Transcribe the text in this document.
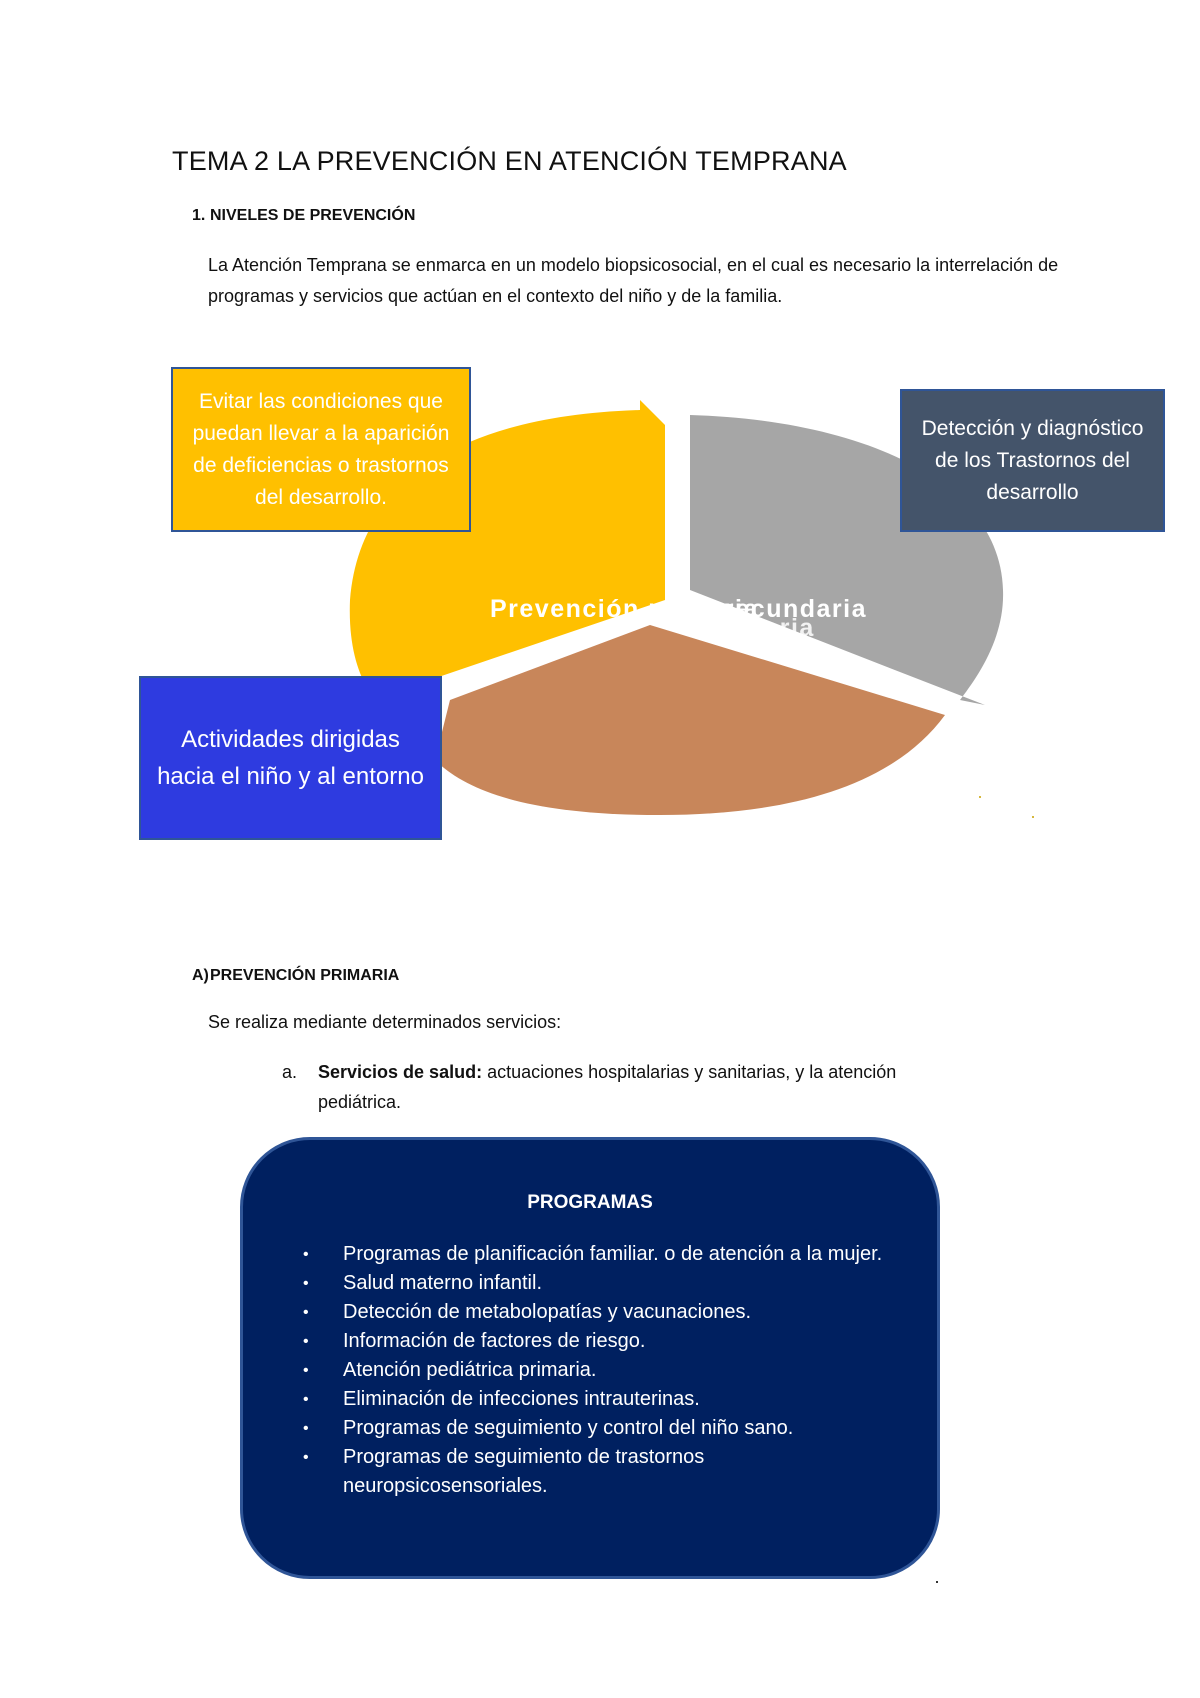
TEMA 2 LA PREVENCIÓN EN ATENCIÓN TEMPRANA
1. NIVELES DE PREVENCIÓN
La Atención Temprana se enmarca en un modelo biopsicosocial, en el cual es necesario la interrelación de programas y servicios que actúan en el contexto del niño y de la familia.
secundaria
terciaria
Prevención primaria
Evitar las condiciones que puedan llevar a la aparición de deficiencias o trastornos del desarrollo.
Detección y diagnóstico de los Trastornos del desarrollo
Actividades dirigidas hacia el niño y al entorno
A) PREVENCIÓN PRIMARIA
Se realiza mediante determinados servicios:
a. Servicios de salud: actuaciones hospitalarias y sanitarias, y la atención pediátrica.
PROGRAMAS
• Programas de planificación familiar. o de atención a la mujer.
• Salud materno infantil.
• Detección de metabolopatías y vacunaciones.
• Información de factores de riesgo.
• Atención pediátrica primaria.
• Eliminación de infecciones intrauterinas.
• Programas de seguimiento y control del niño sano.
• Programas de seguimiento de trastornos neuropsicosensoriales.
